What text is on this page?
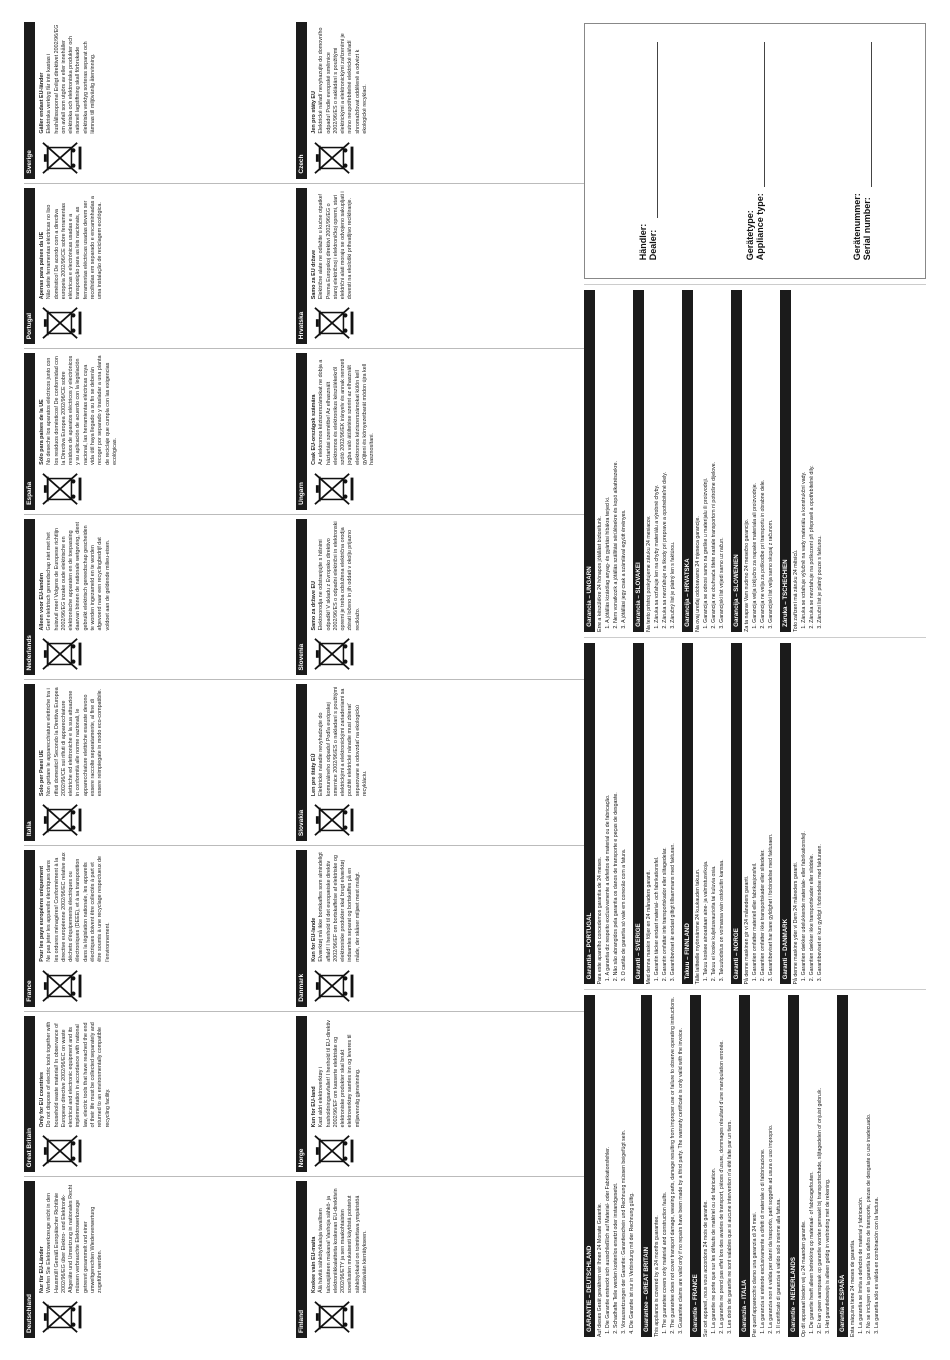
Deutschland
Nur für EU-Länder Werfen Sie Elektrowerkzeuge nicht in den Hausmüll! Gemäß Europäischer Richtlinie 2002/96/EG über Elektro- und Elektronik-Altgeräte und Umsetzung in nationales Recht müssen verbrauchte Elektrowerkzeuge getrennt gesammelt und einer umweltgerechten Wiederverwertung zugeführt werden.
Great Britain
Only for EU countries Do not dispose of electric tools together with household waste material! In observance of European directive 2002/96/EC on waste electrical and electronic equipment and its implementation in accordance with national law, electric tools that have reached the end of their life must be collected separately and returned to an environmentally compatible recycling facility.
France
Pour les pays européens uniquement Ne pas jeter les appareils électriques dans les ordures ménagères! Conformément à la directive européenne 2002/96/EC relative aux déchets d'équipements électriques ou électroniques (DEEE), et à sa transposition dans la législation nationale, les appareils électriques doivent être collectés à part et être soumis à une recyclage respectueux de l'environnement.
Italia
Solo per Paesi UE Non gettare le apparecchiature elettriche tra i rifiuti domestici! Secondo la Direttiva Europea 2002/96/CE sui rifiuti di apparecchiature elettriche ed elettroniche e la sua attuazione in conformità alle norme nazionali, le apparecchiature elettriche esauste devono essere raccolte separatamente, al fine di essere reimpiegate in modo eco-compatibile.
Nederlands
Alleen voor EU-landen Geef elektrisch gereedschap niet met het huisvuil mee! Volgens de Europese richtlijn 2002/96/EG inzake oude elektrische en elektronische apparaten en de toepassing daarvan binnen de nationale wetgeving, dient gebruikt elektrisch gereedschap gescheiden te worden ingezameld en te worden afgevoerd naar een recyclingbedrijf dat voldoet aan de geldende milieu-eisen.
España
Sólo para países de la UE No deseche los aparatos eléctricos junto con los residuos domésticos! De conformidad con la Directiva Europea 2002/96/CE sobre residuos de aparatos eléctricos y electrónicos y su aplicación de acuerdo con la legislación nacional, las herramientas eléctricas cuya vida útil haya llegado a su fin se deberán recoger por separado y trasladar a una planta de reciclaje que cumpla con las exigencias ecológicas.
Portugal
Apenas para países da UE Não deite ferramentas eléctricas no lixo doméstico! De acordo com a directiva europeia 2002/96/CE sobre ferramentas eléctricas e electrónicas usadas e a transposição para as leis nacionais, as ferramentas eléctricas usadas devem ser recolhidas em separado e encaminhadas a uma instalação de reciclagem ecológica.
Sverige
Gäller endast EU-länder Elektriska verktyg får inte kastas i hushållssoporna! Enligt direktivet 2002/96/EG om avfall som utgörs av eller innehåller elektriska och elektroniska produkter och nationell lagstiftning skall förbrukade elektriska verktyg sorteras separat och lämnas till miljövänlig återvinning.
Finland
Koskee vain EU-maita Älä hävitä sähkötyökaluja tavallisen talousjätteen mukana! Vanhoja sähkö- ja elektroniikkalaitteita koskevan EU-direktiivin 2002/96/ETY ja sen maakohtaisten sovellusten mukaisesti käytöstä poistetut sähkötyökalut on toimitettava ympäristöä säästävään kierrätykseen.
Norge
Kun for EU-land Kast aldri elektroverktøy i husholdningsavfallet! I henhold til EU-direktiv 2002/96/EF om kasserte elektriske og elektroniske produkter skal brukt elektroverktøy samles inn og leveres til miljøvennlig gjenvinning.
Danmark
Kun for EU-lande Elværktøj må ikke bortskaffes som almindeligt affald! I henhold til det europæiske direktiv 2002/96/EF om bortskaffelse af elektriske og elektroniske produkter skal brugt elværktøj indsamles separat og bortskaffes på en måde, der skåner miljøet mest muligt.
Slovakia
Len pre štáty EÚ Elektrické náradie nevyhadzujte do komunálneho odpadu! Podľa európskej smernice 2002/96/ES o nakladaní s použitými elektrickými a elektronickými zariadeniami sa použité elektrické náradie musí zbierať separovane a odovzdať na ekologickú recykláciu.
Slovenia
Samo za države EU Elektroorodja ne odstranjujte s hišnimi odpadki! V skladu z Evropsko direktivo 2002/96/ES o odpadni električni in elektronski opremi je treba odslužena električna orodja zbirati ločeno in jih oddati v okolju prijazno reciklažo.
Ungarn
Csak EU-országok számára Az elektromos kéziszerszámokat ne dobja a háztartási szemétbe! Az elhasznált elektromos és elektronikus készülékekről szóló 2002/96/EK irányelv és annak nemzeti jogba való átültetése szerint az elhasznált elektromos kéziszerszámokat külön kell gyűjteni és környezetbarát módon újra kell hasznosítani.
Hrvatska
Samo za EU države Električne alate ne odlažite u kućne otpatke! Prema Europskoj direktivi 2002/96/EG o staroj električnoj i elektroničkoj opremi, stari električni alati moraju se odvojeno sakupljati i dovesti na ekološki prihvatljivo recikliranje.
Czech
Jen pro státy EU Elektrické nářadí nevyhazujte do domovního odpadu! Podle evropské směrnice 2002/96/ES o nakládání s použitými elektrickými a elektronickými zařízeními je nutno neupotřebitelné elektrické nářadí shromažďovat odděleně a odvézt k ekologické recyklaci.
GARANTIE – DEUTSCHLAND Auf dieses Gerät gewähren wir Ihnen 24 Monate Garantie. 1. Die Garantie erstreckt sich ausschließlich auf Material- oder Fabrikationsfehler. 2. Schadhafte Teile werden kostenlos ersetzt oder instandgesetzt. 3. Voraussetzungen der Garantie: Garantieschein und Rechnung müssen beigefügt sein. 4. Die Garantie ist nur in Verbindung mit der Rechnung gültig.	Guarantee – GREAT BRITAIN This appliance is covered by a 24 months guarantee. 1. The guarantee covers only material and construction faults. 2. The guarantee does not cover transport damage, wearing parts, damage resulting from improper use or failure to observe operating instructions. 3. Guarantee claims are valid only if no repairs have been made by a third party. The warranty certificate is only valid with the invoice.	Garantie – FRANCE Sur cet appareil, nous vous accordons 24 mois de garantie. 1. La garantie ne porte que sur les défauts de matériel ou de fabrication. 2. La garantie ne prend pas effet lors des avaries de transport, pièces d'usure, dommages résultant d'une manipulation erronée. 3. Les droits de garantie ne sont valables que si aucune intervention n'a été faite par un tiers.	Garanzia – ITALIA Per quest'apparecchio diamo una garanzia di 24 mesi. 1. La garanzia si estende esclusivamente a difetti di materiale o di fabbricazione. 2. La garanzia non è valida per danni da trasporto, parti soggette ad usura o uso improprio. 3. Il certificato di garanzia è valido solo insieme alla fattura.	Garantie – NEDERLANDS Op dit apparaat bieden wij u 24 maanden garantie. 1. De garantie heeft alleen betrekking op materiaal- of fabricagefouten. 2. Er kan geen aanspraak op garantie worden gemaakt bij transportschade, slijtagedelen of onjuist gebruik. 3. Het garantiebewijs is alleen geldig in verbinding met de rekening.	Garantía – ESPAÑA Esta máquina tiene 24 meses de garantía. 1. La garantía se limita a defectos de material y fabricación. 2. No se incluyen en la garantía los daños de transporte, piezas de desgaste o uso inadecuado. 3. La garantía sólo es válida en combinación con la factura.
Garantia – PORTUGAL Para este aparelho concedemos garantia de 24 meses. 1. A garantia diz respeito exclusivamente a defeitos de material ou de fabricação. 2. Não são abrangidos pela garantia os danos de transporte e peças de desgaste. 3. O cartão de garantia só vale em conexão com a fatura.	Garanti – SVERIGE Med denna maskin följer en 24 månaders garanti. 1. Garantin täcker endast material- och fabrikationsfel. 2. Garantin omfattar inte transportskador eller slitagedelar. 3. Garantibeviset är endast giltigt tillsammans med fakturan.	Takuu – FINNLAND Tälle laitteelle myönnämme 24 kuukauden takuun. 1. Takuu koskee ainoastaan aine- ja valmistusvikoja. 2. Takuu ei koske kuljetusvaurioita tai kuluvia osia. 3. Takuutodistus on voimassa vain ostokuitin kanssa.	Garanti – NORGE På denne maskinen gir vi 24 måneders garanti. 1. Garantien omfatter materiell eller fabrikasjonsfeil. 2. Garantien omfatter ikke transportskader eller slitedeler. 3. Garantibeviset har bare gyldighet i forbindelse med fakturaen.	Garanti – DANMARK På denne maskine yder vi Dem 24 måneders garanti. 1. Garantien dækker udelukkende materiale- eller fabrikationsfejl. 2. Garantien dækker ikke transportskader eller sliddele. 3. Garantibeviset er kun gyldigt i forbindelse med fakturaen.
Garancia – UNGARN Erre a készülékre 24 hónapos jótállást biztosítunk. 1. A jótállás kizárólag anyag- és gyártási hibákra terjed ki. 2. Nem vonatkozik a jótállás szállítási sérülésekre és kopó alkatrészekre. 3. A jótállási jegy csak a számlával együtt érvényes.	Garancia – SLOVAKEI Na tento prístroj poskytujeme záruku 24 mesiacov. 1. Záruka sa vzťahuje len na chyby materiálu a výrobné chyby. 2. Záruka sa nevzťahuje na škody pri preprave a opotrebiteľné diely. 3. Záručný list je platný len s faktúrou.	Garancija – HRVATSKA Na ovaj uređaj odobravamo 24 mjeseca garancije. 1. Garancija se odnosi samo na greške u materijalu ili proizvodnji. 2. Garancija ne obuhvaća štete nastale transportom ni potrošne dijelove. 3. Garancijski list vrijedi samo uz račun.	Garancija – SLOWENIEN Za ta naprav Vam nudimo 24 mesečno garancijo. 1. Garancija velja izključno za napake materiala ali proizvodnje. 2. Garancija ne velja za poškodbe pri transportu in obrabne dele. 3. Garancijski list velja samo skupaj z računom.	Záruka – TSCHECHIEN Toto zařízení má záruku 24 měsíců. 1. Záruka se vztahuje výlučně na vady materiálu a konstrukční vady. 2. Záruka se nevztahuje na poškození při přepravě a opotřebitelné díly. 3. Záruční list je platný pouze s fakturou.
Händler:
Dealer:	Gerätetype:
Appliance type:	Gerätenummer:
Serial number:
